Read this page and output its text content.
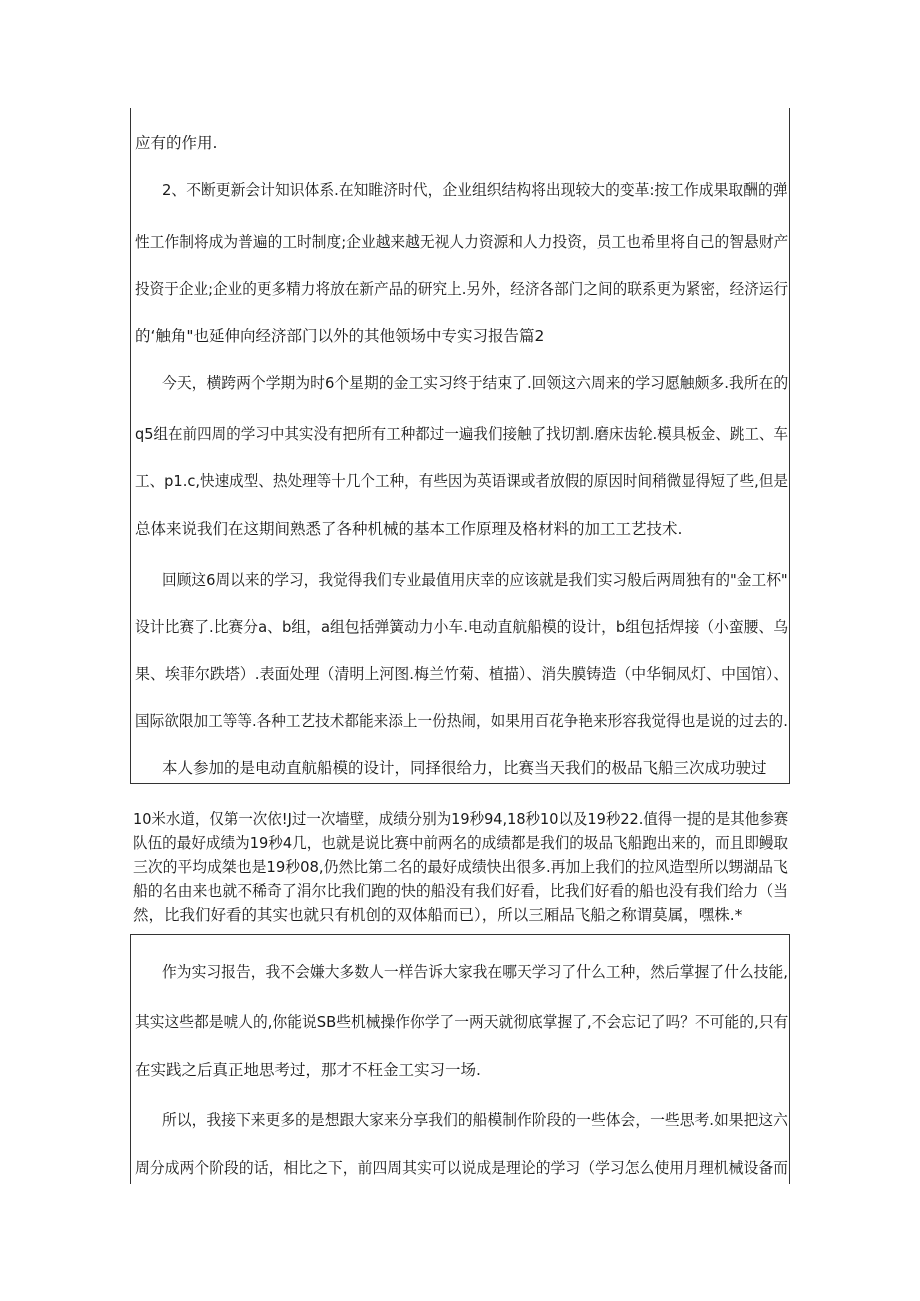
应有的作用.
2、不断更新会计知识体系.在知睢济时代，企业组织结构将出现较大的变革:按工作成果取酬的弹
性工作制将成为普遍的工时制度;企业越来越无视人力资源和人力投资，员工也希里将自己的智悬财产
投资于企业;企业的更多精力将放在新产品的研究上.另外，经济各部门之间的联系更为紧密，经济运行
的‘触角"也延伸向经济部门以外的其他领场中专实习报告篇2
今天，横跨两个学期为时6个星期的金工实习终于结束了.回领这六周来的学习愿触颇多.我所在的
q5组在前四周的学习中其实没有把所有工种都过一遍我们接触了找切割.磨床齿轮.模具板金、跳工、车
工、p1.c,快速成型、热处理等十几个工种，有些因为英语课或者放假的原因时间稍微显得短了些,但是
总体来说我们在这期间熟悉了各种机械的基本工作原理及格材料的加工工艺技术.
回顾这6周以来的学习，我觉得我们专业最值用庆幸的应该就是我们实习般后两周独有的"金工杯"
设计比赛了.比赛分a、b组，a组包括弹簧动力小车.电动直航船模的设计，b组包括焊接（小蛮腰、乌
果、埃菲尔跌塔）.表面处理（清明上河图.梅兰竹菊、植描）、消失膜铸造（中华铜凤灯、中国馆）、
国际欲限加工等等.各种工艺技术都能来添上一份热闹，如果用百花争艳来形容我觉得也是说的过去的.
本人参加的是电动直航船模的设计，同择很给力，比赛当天我们的极品飞船三次成功驶过
10米水道，仅第一次依!J过一次墙壁，成绩分别为19秒94,18秒10以及19秒22.值得一提的是其他参赛
队伍的最好成绩为19秒4几，也就是说比赛中前两名的成绩都是我们的圾品飞船跑出来的，而且即鳗取
三次的平均成桀也是19秒08,仍然比第二名的最好成绩快出很多.再加上我们的拉风造型所以甥湖品飞
船的名由来也就不稀奇了涓尔比我们跑的快的船没有我们好看，比我们好看的船也没有我们给力（当
然，比我们好看的其实也就只有机创的双体船而已），所以三厢品飞船之称谓莫属，嘿株.*
作为实习报告，我不会嫌大多数人一样告诉大家我在哪天学习了什么工种，然后掌握了什么技能,
其实这些都是唬人的,你能说SB些机械操作你学了一两天就彻底掌握了,不会忘记了吗？不可能的,只有
在实践之后真正地思考过，那才不枉金工实习一场.
所以，我接下来更多的是想跟大家来分享我们的船模制作阶段的一些体会，一些思考.如果把这六
周分成两个阶段的话，相比之下，前四周其实可以说成是理论的学习（学习怎么使用月理机械设备而
